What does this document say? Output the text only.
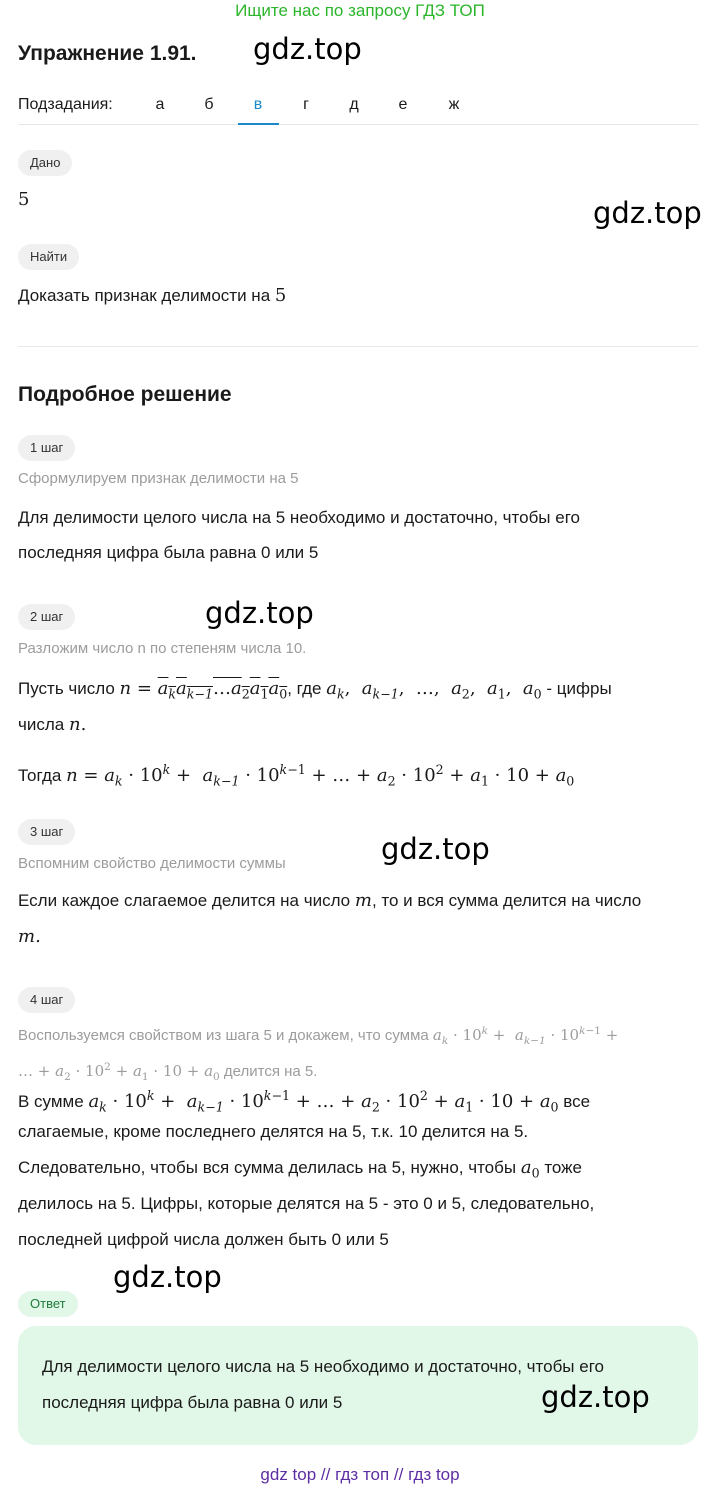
Ищите нас по запросу ГДЗ ТОП
Упражнение 1.91. gdz.top
Подзадания:	а	б	в	г	д	е	ж
Дано
5	gdz.top
Найти
Доказать признак делимости на 5
Подробное решение
1 шаг
Сформулируем признак делимости на 5
Для делимости целого числа на 5 необходимо и достаточно, чтобы его
последняя цифра была равна 0 или 5
2 шаг	gdz.top
Разложим число n по степеням числа 10.
Пусть число $n = a_ka_{k-1}\dots a_2a_1a_0$, где $a_k$,  $a_{k-1}$,  …,  $a_2$,  $a_1$,  $a_0$ - цифры
числа n.
Тогда $n = a_k \cdot 10^k + a_{k-1} \cdot 10^{k-1}$ + … + $a_2 \cdot 10^2 + a_1 \cdot 10 + a_0$
3 шаг
gdz.top
Вспомним свойство делимости суммы
Если каждое слагаемое делится на число m, то и вся сумма делится на число
m.
4 шаг
Воспользуемся свойством из шага 5 и докажем, что сумма $a_k \cdot 10^k + a_{k-1} \cdot 10^{k-1}$ +
… + $a_2 \cdot 10^2 + a_1 \cdot 10 + a_0$ делится на 5.
В сумме $a_k \cdot 10^k + a_{k-1} \cdot 10^{k-1}$ + … + $a_2 \cdot 10^2 + a_1 \cdot 10 + a_0$ все
слагаемые, кроме последнего делятся на 5, т.к. 10 делится на 5.
Следовательно, чтобы вся сумма делилась на 5, нужно, чтобы $a_0$ тоже
делилось на 5. Цифры, которые делятся на 5 - это 0 и 5, следовательно,
последней цифрой числа должен быть 0 или 5
gdz.top
Ответ
Для делимости целого числа на 5 необходимо и достаточно, чтобы его
последняя цифра была равна 0 или 5	gdz.top
gdz top // гдз топ // гдз top
